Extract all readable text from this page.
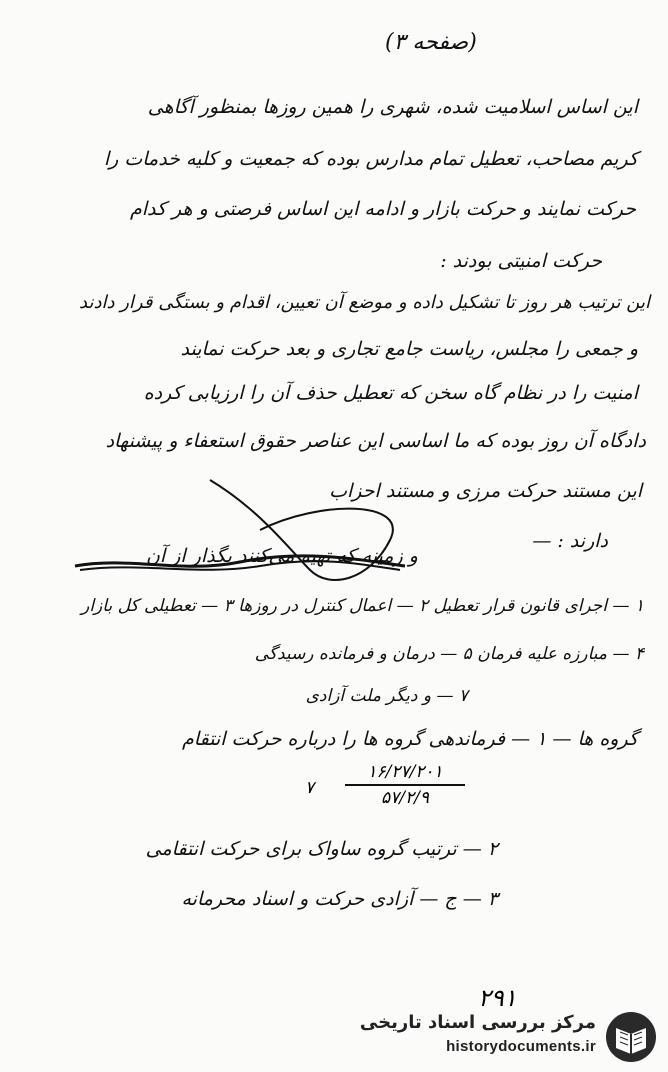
(صفحه ۳)
این اساس اسلامیت شده، شهری را همین روزها بمنظور آگاهی
کریم مصاحب، تعطیل تمام مدارس بوده که جمعیت و کلیه خدمات را
حرکت نمایند و حرکت بازار و ادامه این اساس فرصتی و هر کدام
حرکت امنیتی بودند :
این ترتیب هر روز تا تشکیل داده و موضع آن تعیین، اقدام و بستگی قرار دادند
و جمعی را مجلس، ریاست جامع تجاری و بعد حرکت نمایند
امنیت را در نظام گاه سخن که تعطیل حذف آن را ارزیابی کرده
دادگاه آن روز بوده که ما اساسی این عناصر حقوق استعفاء و پیشنهاد
این مستند حرکت مرزی و مستند احزاب
دارند : —
و زمینه که تهیه می‌کنند بگذار از آن
۱ — اجرای قانون قرار تعطیل ۲ — اعمال کنترل در روزها ۳ — تعطیلی کل بازار
۴ — مبارزه علیه فرمان ۵ — درمان و فرمانده رسیدگی
۷ — و دیگر ملت آزادی
گروه ها — ۱ — فرماندهی گروه ها را درباره حرکت انتقام
۷
۱۶/۲۷/۲۰۱
۵۷/۲/۹
۲ — ترتیب گروه ساواک برای حرکت انتقامی
۳ — ج — آزادی حرکت و اسناد محرمانه
۲۹۱
مرکز بررسی اسناد تاریخی
historydocuments.ir
